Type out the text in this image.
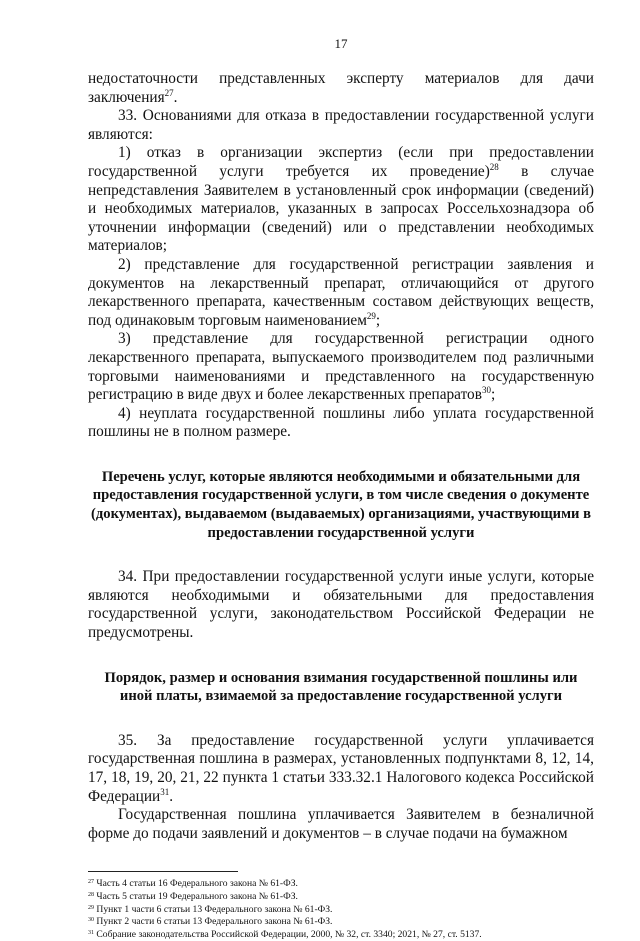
17

недостаточности представленных эксперту материалов для дачи заключения$^{27}$.

33. Основаниями для отказа в предоставлении государственной услуги являются:

1) отказ в организации экспертиз (если при предоставлении государственной услуги требуется их проведение)$^{28}$ в случае непредставления Заявителем в установленный срок информации (сведений) и необходимых материалов, указанных в запросах Россельхознадзора об уточнении информации (сведений) или о представлении необходимых материалов;

2) представление для государственной регистрации заявления и документов на лекарственный препарат, отличающийся от другого лекарственного препарата, качественным составом действующих веществ, под одинаковым торговым наименованием$^{29}$;

3) представление для государственной регистрации одного лекарственного препарата, выпускаемого производителем под различными торговыми наименованиями и представленного на государственную регистрацию в виде двух и более лекарственных препаратов$^{30}$;

4) неуплата государственной пошлины либо уплата государственной пошлины не в полном размере.

Перечень услуг, которые являются необходимыми и обязательными для предоставления государственной услуги, в том числе сведения о документе (документах), выдаваемом (выдаваемых) организациями, участвующими в предоставлении государственной услуги

34. При предоставлении государственной услуги иные услуги, которые являются необходимыми и обязательными для предоставления государственной услуги, законодательством Российской Федерации не предусмотрены.

Порядок, размер и основания взимания государственной пошлины или иной платы, взимаемой за предоставление государственной услуги

35. За предоставление государственной услуги уплачивается государственная пошлина в размерах, установленных подпунктами 8, 12, 14, 17, 18, 19, 20, 21, 22 пункта 1 статьи 333.32.1 Налогового кодекса Российской Федерации$^{31}$.

Государственная пошлина уплачивается Заявителем в безналичной форме до подачи заявлений и документов – в случае подачи на бумажном

$^{27}$ Часть 4 статьи 16 Федерального закона № 61-ФЗ.
$^{28}$ Часть 5 статьи 19 Федерального закона № 61-ФЗ.
$^{29}$ Пункт 1 части 6 статьи 13 Федерального закона № 61-ФЗ.
$^{30}$ Пункт 2 части 6 статьи 13 Федерального закона № 61-ФЗ.
$^{31}$ Собрание законодательства Российской Федерации, 2000, № 32, ст. 3340; 2021, № 27, ст. 5137.
